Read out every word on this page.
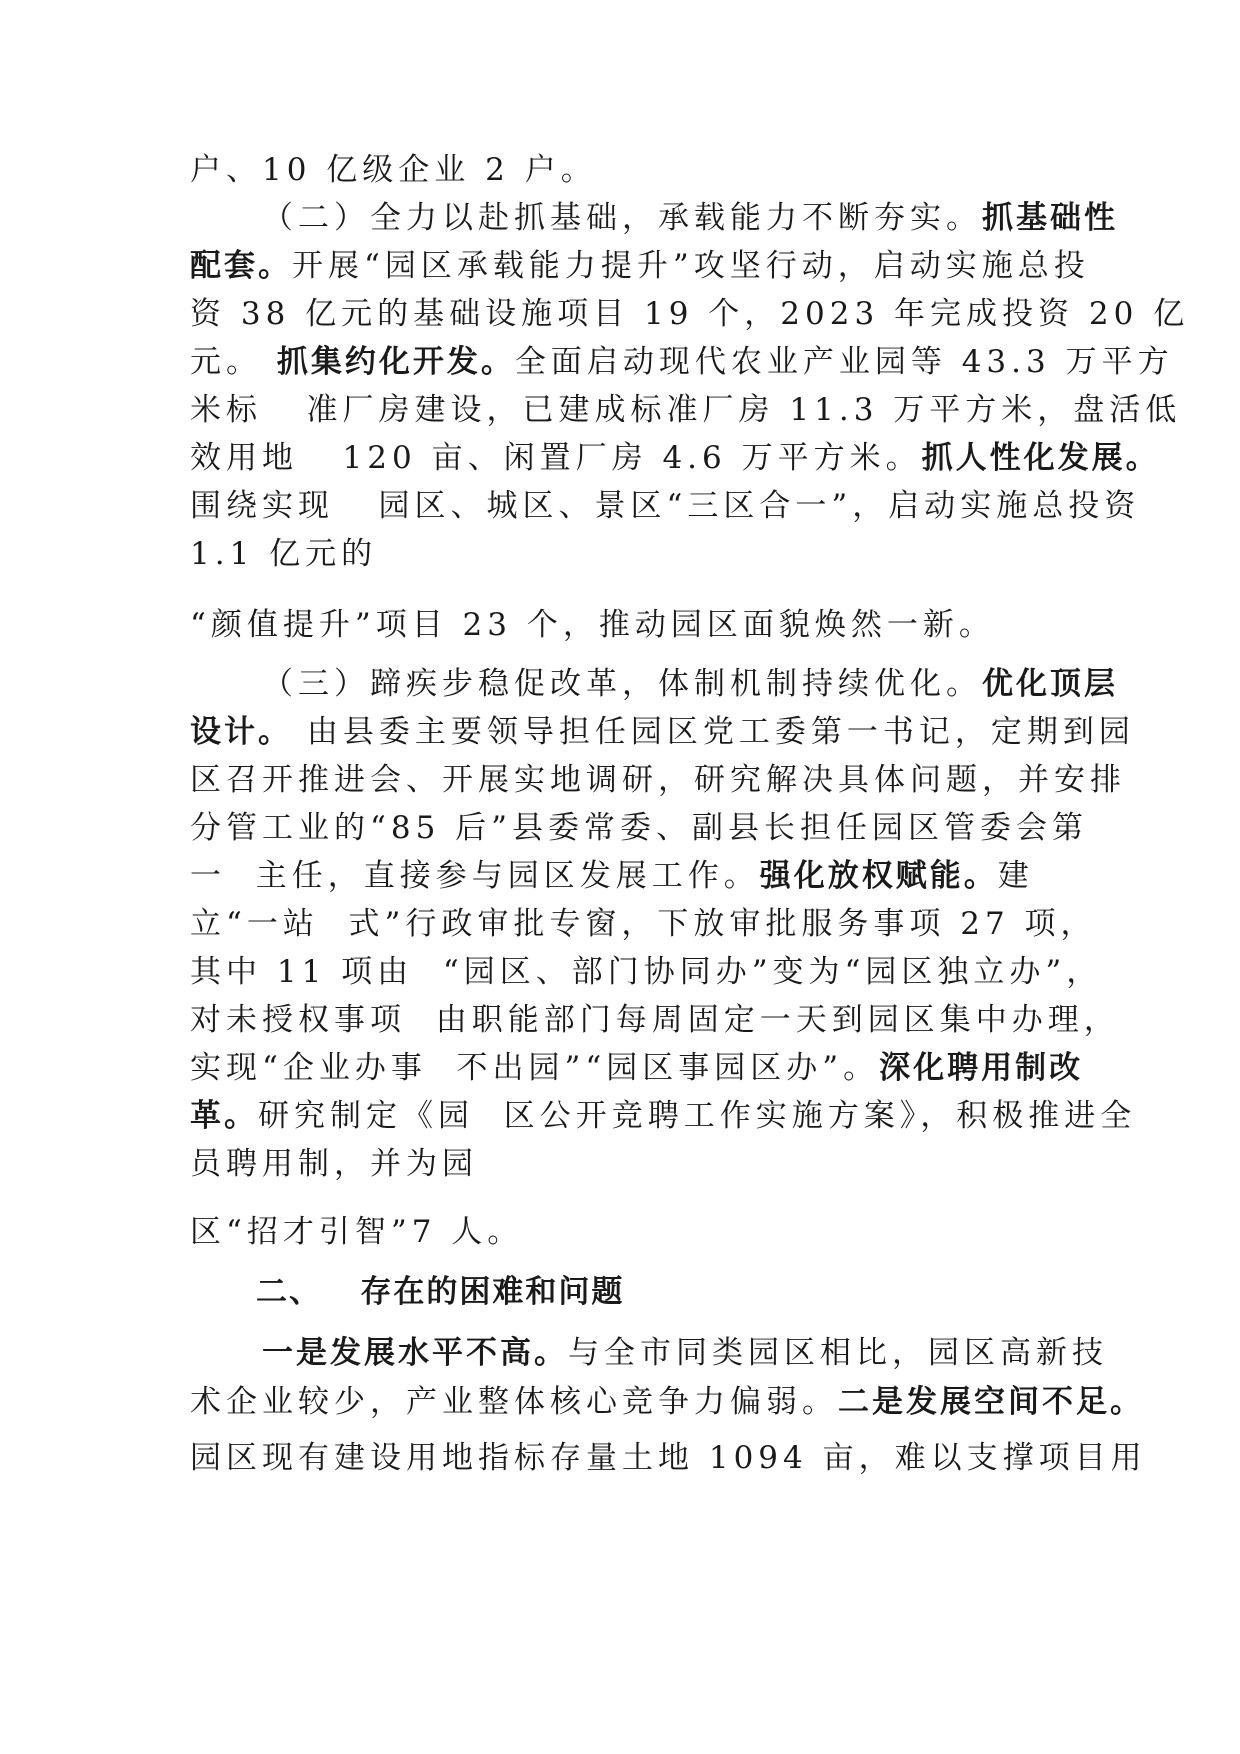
户、10 亿级企业 2 户。

（二）全力以赴抓基础，承载能力不断夯实。抓基础性

配套。开展“园区承载能力提升”攻坚行动，启动实施总投

资 38 亿元的基础设施项目 19 个，2023 年完成投资 20 亿

元。 抓集约化开发。全面启动现代农业产业园等 43.3 万平方

米标   准厂房建设，已建成标准厂房 11.3 万平方米，盘活低

效用地   120 亩、闲置厂房 4.6 万平方米。抓人性化发展。

围绕实现   园区、城区、景区“三区合一”，启动实施总投资

1.1 亿元的

“颜值提升”项目 23 个，推动园区面貌焕然一新。

（三）蹄疾步稳促改革，体制机制持续优化。优化顶层

设计。 由县委主要领导担任园区党工委第一书记，定期到园

区召开推进会、开展实地调研，研究解决具体问题，并安排

分管工业的“85 后”县委常委、副县长担任园区管委会第

一  主任，直接参与园区发展工作。强化放权赋能。建

立“一站  式”行政审批专窗，下放审批服务事项 27 项，

其中 11 项由  “园区、部门协同办”变为“园区独立办”，

对未授权事项  由职能部门每周固定一天到园区集中办理，

实现“企业办事  不出园”“园区事园区办”。深化聘用制改

革。研究制定《园  区公开竞聘工作实施方案》，积极推进全

员聘用制，并为园

区“招才引智”7 人。

二、   存在的困难和问题

一是发展水平不高。与全市同类园区相比，园区高新技

术企业较少，产业整体核心竞争力偏弱。二是发展空间不足。

园区现有建设用地指标存量土地 1094 亩，难以支撑项目用
